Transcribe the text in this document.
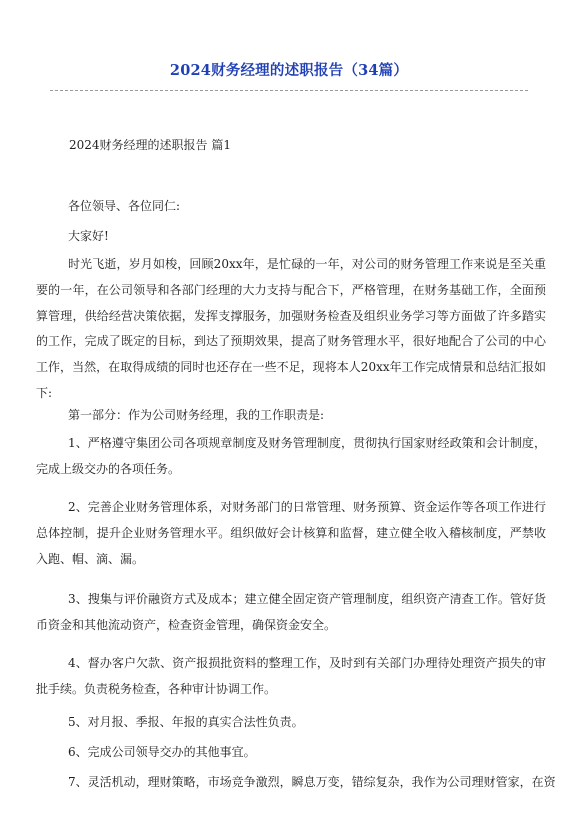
2024财务经理的述职报告（34篇）
2024财务经理的述职报告 篇1
各位领导、各位同仁:
大家好!

时光飞逝，岁月如梭，回顾20xx年，是忙碌的一年，对公司的财务管理工作来说是至关重要的一年，在公司领导和各部门经理的大力支持与配合下，严格管理，在财务基础工作，全面预算管理，供给经营决策依据，发挥支撑服务，加强财务检查及组织业务学习等方面做了许多踏实的工作，完成了既定的目标，到达了预期效果，提高了财务管理水平，很好地配合了公司的中心工作，当然，在取得成绩的同时也还存在一些不足，现将本人20xx年工作完成情景和总结汇报如下:

第一部分：作为公司财务经理，我的工作职责是:

1、严格遵守集团公司各项规章制度及财务管理制度，贯彻执行国家财经政策和会计制度，完成上级交办的各项任务。

2、完善企业财务管理体系，对财务部门的日常管理、财务预算、资金运作等各项工作进行总体控制，提升企业财务管理水平。组织做好会计核算和监督，建立健全收入稽核制度，严禁收入跑、帽、滴、漏。

3、搜集与评价融资方式及成本；建立健全固定资产管理制度，组织资产清查工作。管好货币资金和其他流动资产，检查资金管理，确保资金安全。

4、督办客户欠款、资产报损批资料的整理工作，及时到有关部门办理待处理资产损失的审批手续。负责税务检查，各种审计协调工作。

5、对月报、季报、年报的真实合法性负责。
6、完成公司领导交办的其他事宜。
7、灵活机动，理财策略，市场竞争激烈，瞬息万变，错综复杂，我作为公司理财管家，在资
